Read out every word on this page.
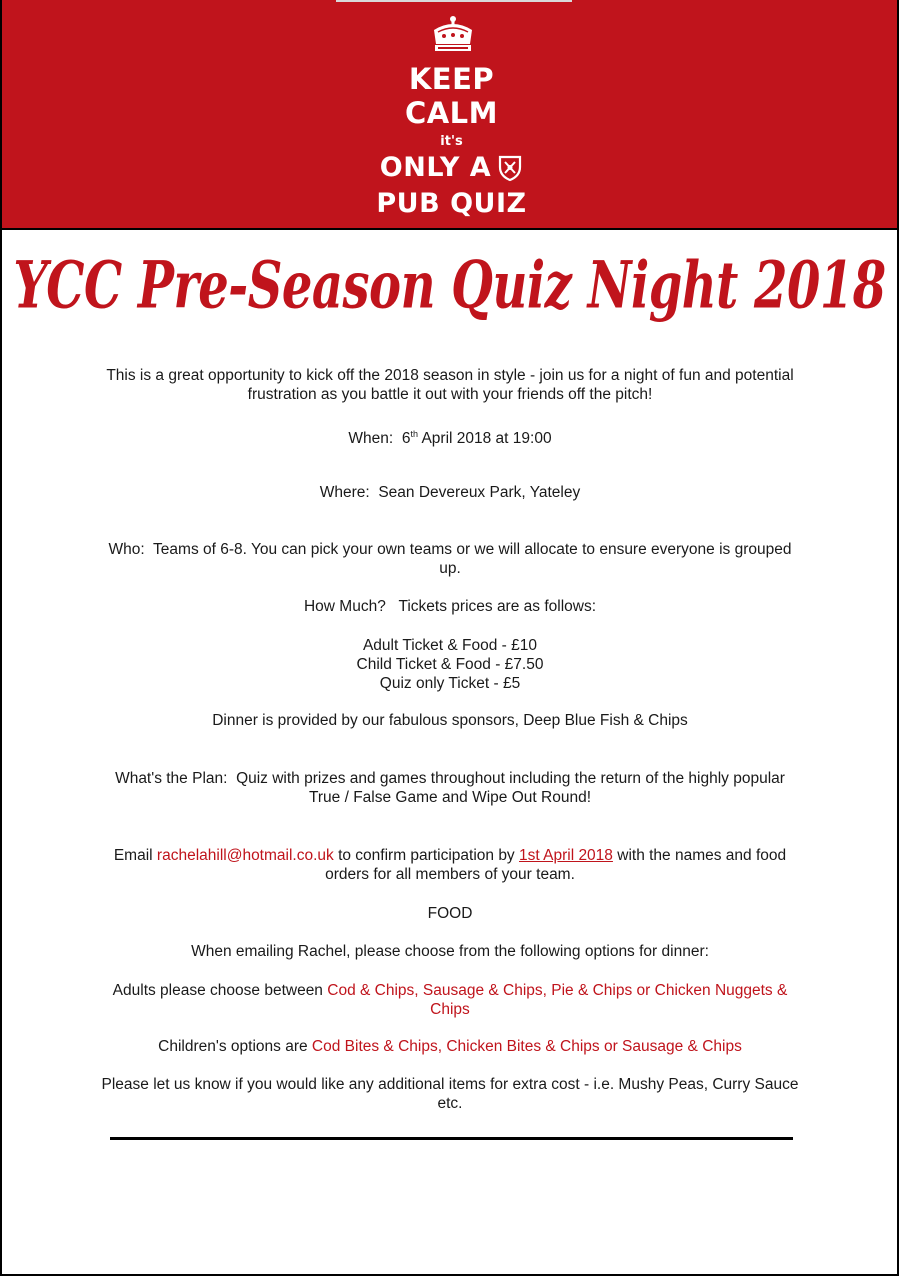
KEEP
CALM
it's
ONLY A
PUB QUIZ
YCC Pre-Season Quiz Night 2018

This is a great opportunity to kick off the 2018 season in style - join us for a night of fun and potential frustration as you battle it out with your friends off the pitch!

When: 6th April 2018 at 19:00

Where: Sean Devereux Park, Yateley

Who: Teams of 6-8. You can pick your own teams or we will allocate to ensure everyone is grouped up.

How Much? Tickets prices are as follows:

Adult Ticket & Food - £10
Child Ticket & Food - £7.50
Quiz only Ticket - £5

Dinner is provided by our fabulous sponsors, Deep Blue Fish & Chips

What's the Plan: Quiz with prizes and games throughout including the return of the highly popular True / False Game and Wipe Out Round!

Email rachelahill@hotmail.co.uk to confirm participation by 1st April 2018 with the names and food orders for all members of your team.

FOOD

When emailing Rachel, please choose from the following options for dinner:

Adults please choose between Cod & Chips, Sausage & Chips, Pie & Chips or Chicken Nuggets & Chips

Children's options are Cod Bites & Chips, Chicken Bites & Chips or Sausage & Chips

Please let us know if you would like any additional items for extra cost - i.e. Mushy Peas, Curry Sauce etc.
